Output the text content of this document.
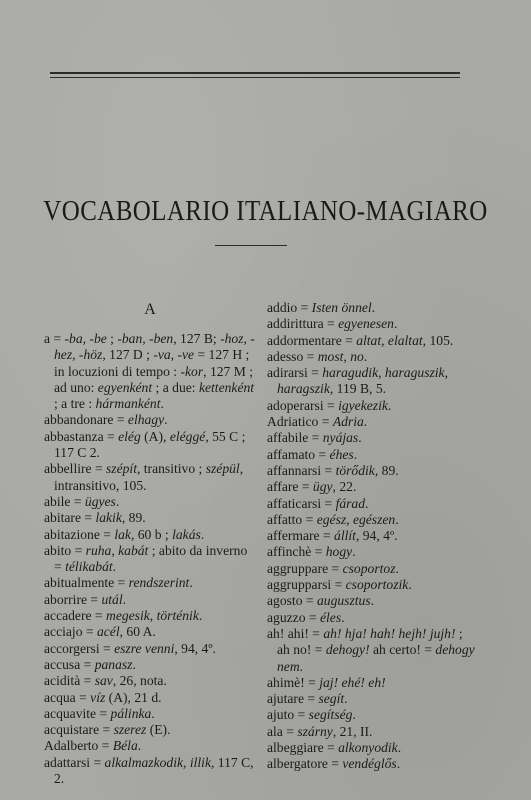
VOCABOLARIO ITALIANO-MAGIARO
A

a = -ba, -be ; -ban, -ben, 127 B; -hoz, -hez, -höz, 127 D ; -va, -ve = 127 H ; in locuzioni di tempo : -kor, 127 M ; ad uno: egyenként ; a due: kettenként ; a tre : hármanként.

abbandonare = elhagy.

abbastanza = elég (A), eléggé, 55 C ; 117 C 2.

abbellire = szépít, transitivo ; szépül, intransitivo, 105.

abile = ügyes.

abitare = lakik, 89.

abitazione = lak, 60 b ; lakás.

abito = ruha, kabát ; abito da inverno = télikabát.

abitualmente = rendszerint.

aborrire = utál.

accadere = megesik, történik.

acciajo = acél, 60 A.

accorgersi = eszre venni, 94, 4º.

accusa = panasz.

acidità = sav, 26, nota.

acqua = víz (A), 21 d.

acquavite = pálinka.

acquistare = szerez (E).

Adalberto = Béla.

adattarsi = alkalmazkodik, illik, 117 C, 2.

addio = Isten önnel.

addirittura = egyenesen.

addormentare = altat, elaltat, 105.

adesso = most, no.

adirarsi = haragudik, haraguszik, haragszik, 119 B, 5.

adoperarsi = igyekezik.

Adriatico = Adria.

affabile = nyájas.

affamato = éhes.

affannarsi = törődik, 89.

affare = ügy, 22.

affaticarsi = fárad.

affatto = egész, egészen.

affermare = állít, 94, 4º.

affinchè = hogy.

aggruppare = csoportoz.

aggrupparsi = csoportozik.

agosto = augusztus.

aguzzo = éles.

ah! ahi! = ah! hja! hah! hejh! jujh! ; ah no! = dehogy! ah certo! = dehogy nem.

ahimè! = jaj! ehé! eh!

ajutare = segít.

ajuto = segítség.

ala = szárny, 21, II.

albeggiare = alkonyodik.

albergatore = vendéglős.
